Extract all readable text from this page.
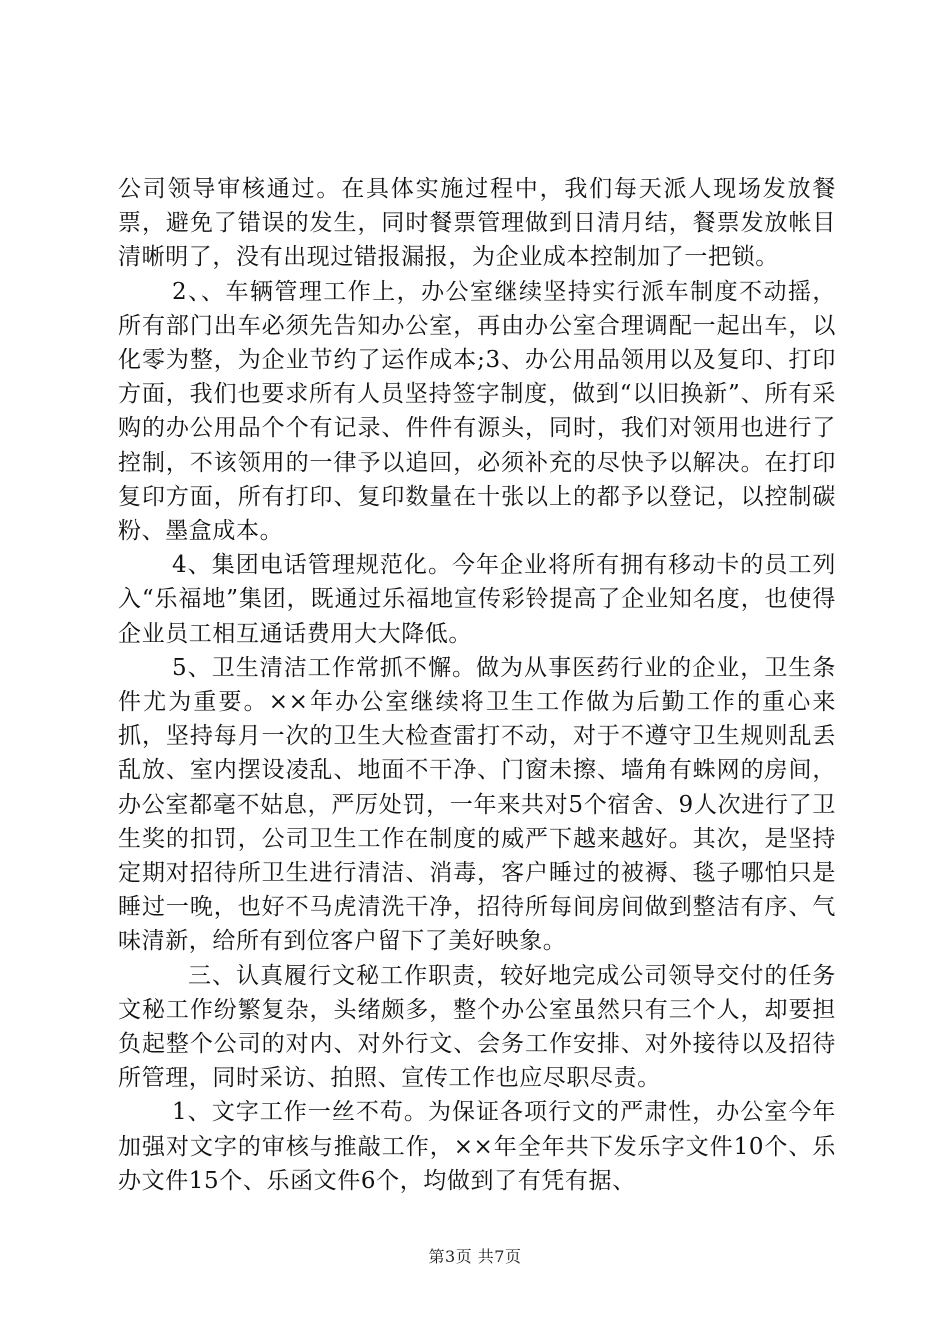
公司领导审核通过。在具体实施过程中，我们每天派人现场发放餐票，避免了错误的发生，同时餐票管理做到日清月结，餐票发放帐目清晰明了，没有出现过错报漏报，为企业成本控制加了一把锁。

2、、车辆管理工作上，办公室继续坚持实行派车制度不动摇，所有部门出车必须先告知办公室，再由办公室合理调配一起出车，以化零为整，为企业节约了运作成本;3、办公用品领用以及复印、打印方面，我们也要求所有人员坚持签字制度，做到“以旧换新”、所有采购的办公用品个个有记录、件件有源头，同时，我们对领用也进行了控制，不该领用的一律予以追回，必须补充的尽快予以解决。在打印复印方面，所有打印、复印数量在十张以上的都予以登记，以控制碳粉、墨盒成本。

4、集团电话管理规范化。今年企业将所有拥有移动卡的员工列入“乐福地”集团，既通过乐福地宣传彩铃提高了企业知名度，也使得企业员工相互通话费用大大降低。

5、卫生清洁工作常抓不懈。做为从事医药行业的企业，卫生条件尤为重要。××年办公室继续将卫生工作做为后勤工作的重心来抓，坚持每月一次的卫生大检查雷打不动，对于不遵守卫生规则乱丢乱放、室内摆设凌乱、地面不干净、门窗未擦、墙角有蛛网的房间，办公室都毫不姑息，严厉处罚，一年来共对5个宿舍、9人次进行了卫生奖的扣罚，公司卫生工作在制度的威严下越来越好。其次，是坚持定期对招待所卫生进行清洁、消毒，客户睡过的被褥、毯子哪怕只是睡过一晚，也好不马虎清洗干净，招待所每间房间做到整洁有序、气味清新，给所有到位客户留下了美好映象。

三、认真履行文秘工作职责，较好地完成公司领导交付的任务文秘工作纷繁复杂，头绪颇多，整个办公室虽然只有三个人，却要担负起整个公司的对内、对外行文、会务工作安排、对外接待以及招待所管理，同时采访、拍照、宣传工作也应尽职尽责。

1、文字工作一丝不苟。为保证各项行文的严肃性，办公室今年加强对文字的审核与推敲工作，××年全年共下发乐字文件10个、乐办文件15个、乐函文件6个，均做到了有凭有据、

第3页 共7页
